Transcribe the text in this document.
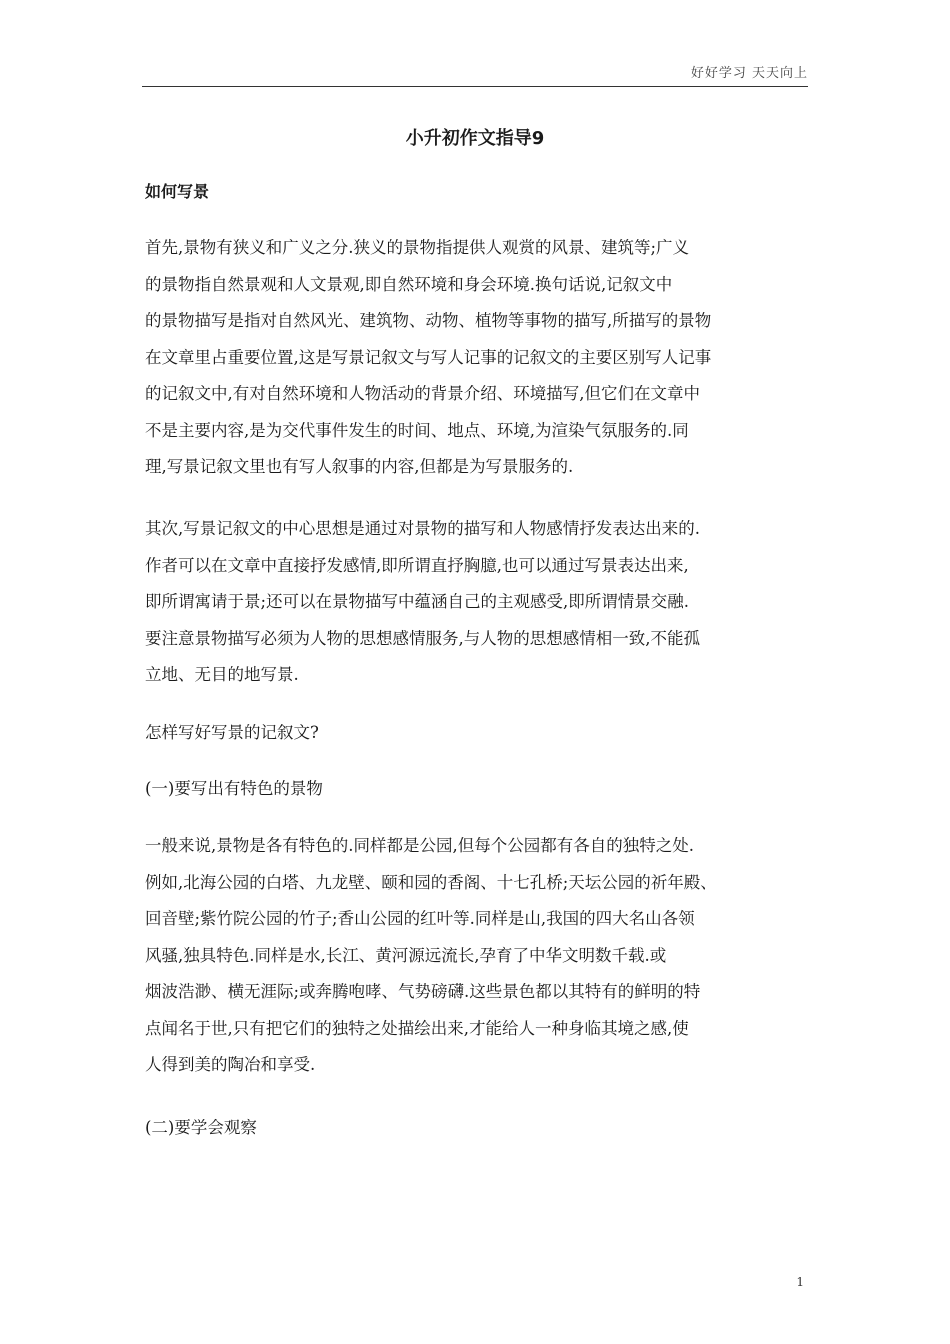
好好学习 天天向上
小升初作文指导9
如何写景
首先,景物有狭义和广义之分.狭义的景物指提供人观赏的风景、建筑等;广义
的景物指自然景观和人文景观,即自然环境和身会环境.换句话说,记叙文中
的景物描写是指对自然风光、建筑物、动物、植物等事物的描写,所描写的景物
在文章里占重要位置,这是写景记叙文与写人记事的记叙文的主要区别写人记事
的记叙文中,有对自然环境和人物活动的背景介绍、环境描写,但它们在文章中
不是主要内容,是为交代事件发生的时间、地点、环境,为渲染气氛服务的.同
理,写景记叙文里也有写人叙事的内容,但都是为写景服务的.
其次,写景记叙文的中心思想是通过对景物的描写和人物感情抒发表达出来的.
作者可以在文章中直接抒发感情,即所谓直抒胸臆,也可以通过写景表达出来,
即所谓寓请于景;还可以在景物描写中蕴涵自己的主观感受,即所谓情景交融.
要注意景物描写必须为人物的思想感情服务,与人物的思想感情相一致,不能孤
立地、无目的地写景.
怎样写好写景的记叙文?
(一)要写出有特色的景物
一般来说,景物是各有特色的.同样都是公园,但每个公园都有各自的独特之处.
例如,北海公园的白塔、九龙壁、颐和园的香阁、十七孔桥;天坛公园的祈年殿、
回音壁;紫竹院公园的竹子;香山公园的红叶等.同样是山,我国的四大名山各领
风骚,独具特色.同样是水,长江、黄河源远流长,孕育了中华文明数千载.或
烟波浩渺、横无涯际;或奔腾咆哮、气势磅礴.这些景色都以其特有的鲜明的特
点闻名于世,只有把它们的独特之处描绘出来,才能给人一种身临其境之感,使
人得到美的陶冶和享受.
(二)要学会观察
1
